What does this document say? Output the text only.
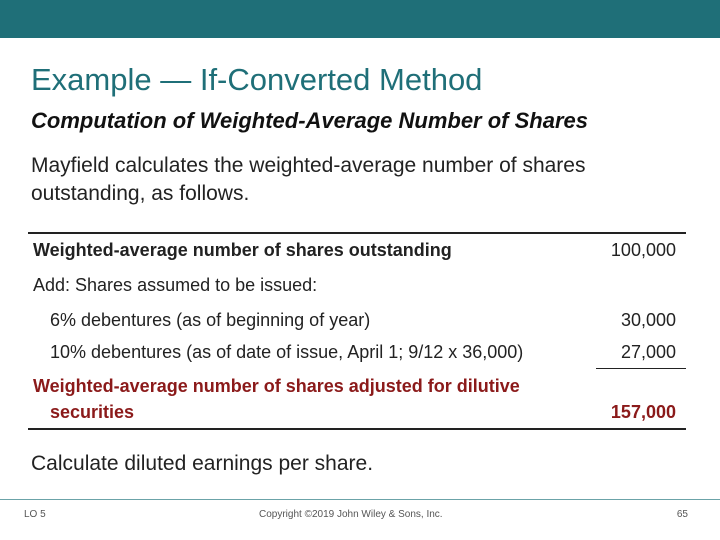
Example — If-Converted Method
Computation of Weighted-Average Number of Shares
Mayfield calculates the weighted-average number of shares outstanding, as follows.
Weighted-average number of shares outstanding	100,000
Add: Shares assumed to be issued:
6% debentures (as of beginning of year)	30,000
10% debentures (as of date of issue, April 1; 9/12 x 36,000)	27,000
Weighted-average number of shares adjusted for dilutive
securities	157,000
Calculate diluted earnings per share.
LO 5	Copyright ©2019 John Wiley & Sons, Inc.	65
